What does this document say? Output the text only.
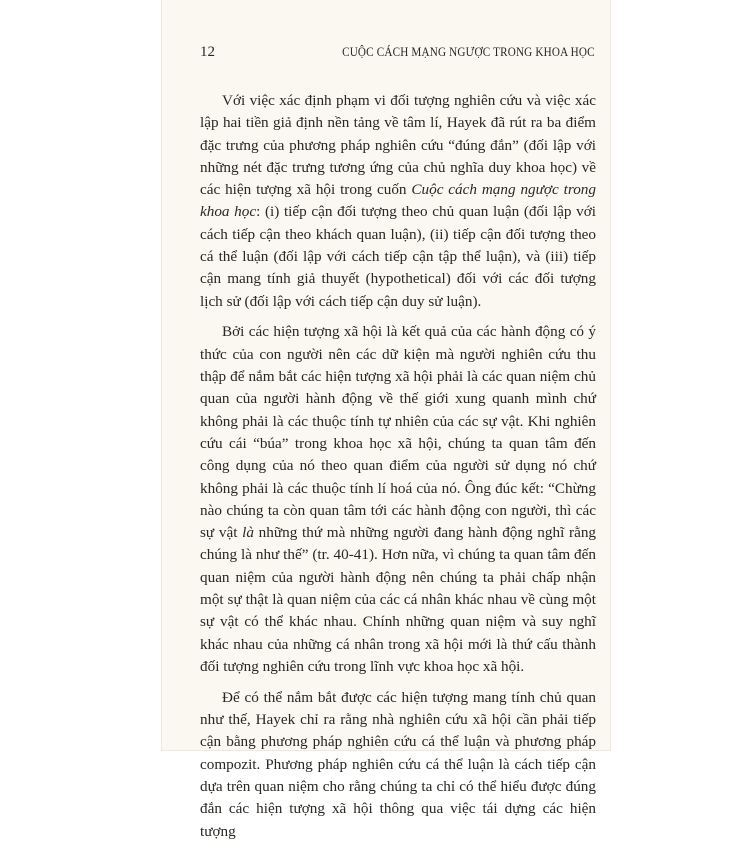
12	CUỘC CÁCH MẠNG NGƯỢC TRONG KHOA HỌC

Với việc xác định phạm vi đối tượng nghiên cứu và việc xác lập hai tiền giả định nền tảng về tâm lí, Hayek đã rút ra ba điểm đặc trưng của phương pháp nghiên cứu “đúng đắn” (đối lập với những nét đặc trưng tương ứng của chủ nghĩa duy khoa học) về các hiện tượng xã hội trong cuốn Cuộc cách mạng ngược trong khoa học: (i) tiếp cận đối tượng theo chủ quan luận (đối lập với cách tiếp cận theo khách quan luận), (ii) tiếp cận đối tượng theo cá thể luận (đối lập với cách tiếp cận tập thể luận), và (iii) tiếp cận mang tính giả thuyết (hypothetical) đối với các đối tượng lịch sử (đối lập với cách tiếp cận duy sử luận).

Bởi các hiện tượng xã hội là kết quả của các hành động có ý thức của con người nên các dữ kiện mà người nghiên cứu thu thập để nắm bắt các hiện tượng xã hội phải là các quan niệm chủ quan của người hành động về thế giới xung quanh mình chứ không phải là các thuộc tính tự nhiên của các sự vật. Khi nghiên cứu cái “búa” trong khoa học xã hội, chúng ta quan tâm đến công dụng của nó theo quan điểm của người sử dụng nó chứ không phải là các thuộc tính lí hoá của nó. Ông đúc kết: “Chừng nào chúng ta còn quan tâm tới các hành động con người, thì các sự vật là những thứ mà những người đang hành động nghĩ rằng chúng là như thế” (tr. 40-41). Hơn nữa, vì chúng ta quan tâm đến quan niệm của người hành động nên chúng ta phải chấp nhận một sự thật là quan niệm của các cá nhân khác nhau về cùng một sự vật có thể khác nhau. Chính những quan niệm và suy nghĩ khác nhau của những cá nhân trong xã hội mới là thứ cấu thành đối tượng nghiên cứu trong lĩnh vực khoa học xã hội.

Để có thể nắm bắt được các hiện tượng mang tính chủ quan như thế, Hayek chỉ ra rằng nhà nghiên cứu xã hội cần phải tiếp cận bằng phương pháp nghiên cứu cá thể luận và phương pháp compozit. Phương pháp nghiên cứu cá thể luận là cách tiếp cận dựa trên quan niệm cho rằng chúng ta chỉ có thể hiểu được đúng đắn các hiện tượng xã hội thông qua việc tái dựng các hiện tượng
